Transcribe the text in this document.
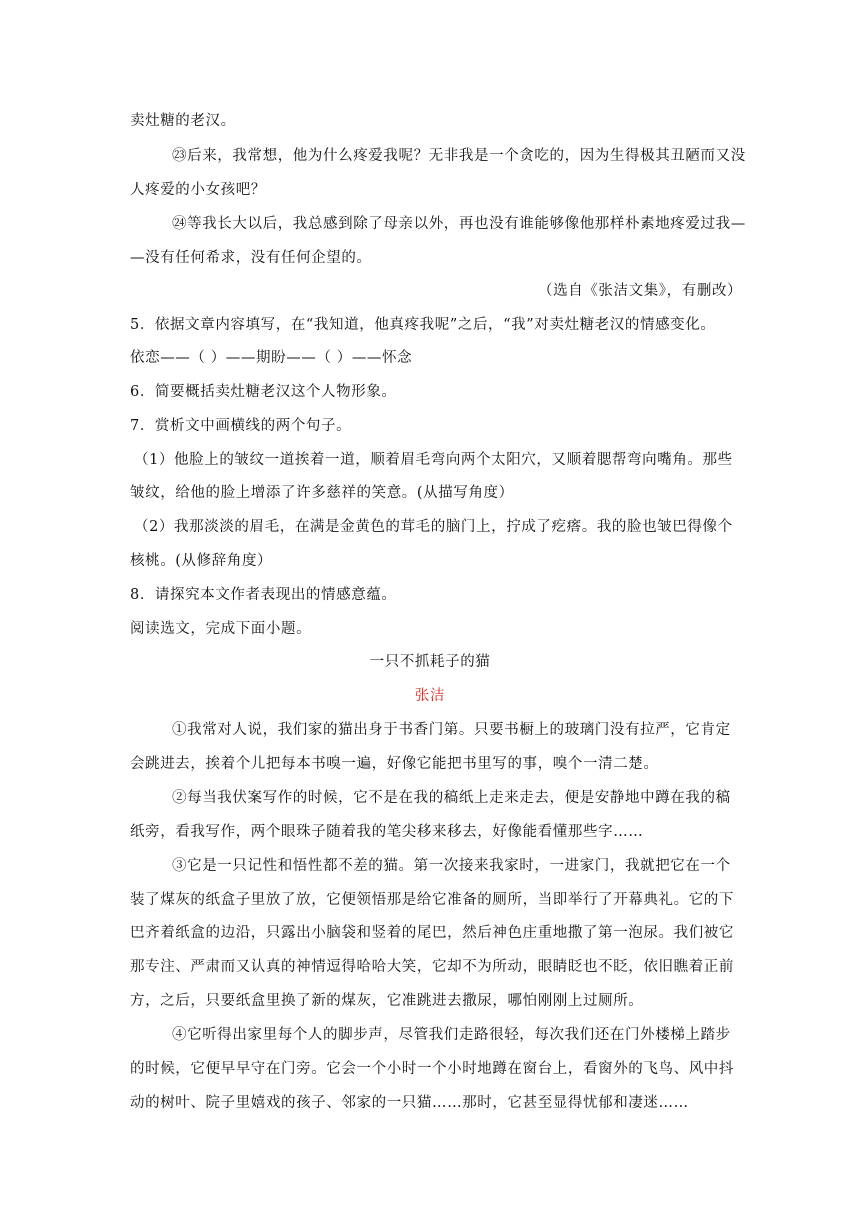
卖灶糖的老汉。
㉓后来，我常想，他为什么疼爱我呢？无非我是一个贪吃的，因为生得极其丑陋而又没
人疼爱的小女孩吧？
㉔等我长大以后，我总感到除了母亲以外，再也没有谁能够像他那样朴素地疼爱过我—
—没有任何希求，没有任何企望的。
（选自《张洁文集》，有删改）
5．依据文章内容填写，在“我知道，他真疼我呢”之后，“我”对卖灶糖老汉的情感变化。
依恋——（ ）——期盼——（ ）——怀念
6．简要概括卖灶糖老汉这个人物形象。
7．赏析文中画横线的两个句子。
（1）他脸上的皱纹一道挨着一道，顺着眉毛弯向两个太阳穴，又顺着腮帮弯向嘴角。那些
皱纹，给他的脸上增添了许多慈祥的笑意。(从描写角度）
（2）我那淡淡的眉毛，在满是金黄色的茸毛的脑门上，拧成了疙瘩。我的脸也皱巴得像个
核桃。(从修辞角度）
8．请探究本文作者表现出的情感意蕴。
阅读选文，完成下面小题。
一只不抓耗子的猫
张洁
①我常对人说，我们家的猫出身于书香门第。只要书橱上的玻璃门没有拉严，它肯定
会跳进去，挨着个儿把每本书嗅一遍，好像它能把书里写的事，嗅个一清二楚。
②每当我伏案写作的时候，它不是在我的稿纸上走来走去，便是安静地中蹲在我的稿
纸旁，看我写作，两个眼珠子随着我的笔尖移来移去，好像能看懂那些字……
③它是一只记性和悟性都不差的猫。第一次接来我家时，一进家门，我就把它在一个
装了煤灰的纸盒子里放了放，它便领悟那是给它准备的厕所，当即举行了开幕典礼。它的下
巴齐着纸盒的边沿，只露出小脑袋和竖着的尾巴，然后神色庄重地撒了第一泡尿。我们被它
那专注、严肃而又认真的神情逗得哈哈大笑，它却不为所动，眼睛眨也不眨，依旧瞧着正前
方，之后，只要纸盒里换了新的煤灰，它准跳进去撒尿，哪怕刚刚上过厕所。
④它听得出家里每个人的脚步声，尽管我们走路很轻，每次我们还在门外楼梯上踏步
的时候，它便早早守在门旁。它会一个小时一个小时地蹲在窗台上，看窗外的飞鸟、风中抖
动的树叶、院子里嬉戏的孩子、邻家的一只猫……那时，它甚至显得忧郁和凄迷……
